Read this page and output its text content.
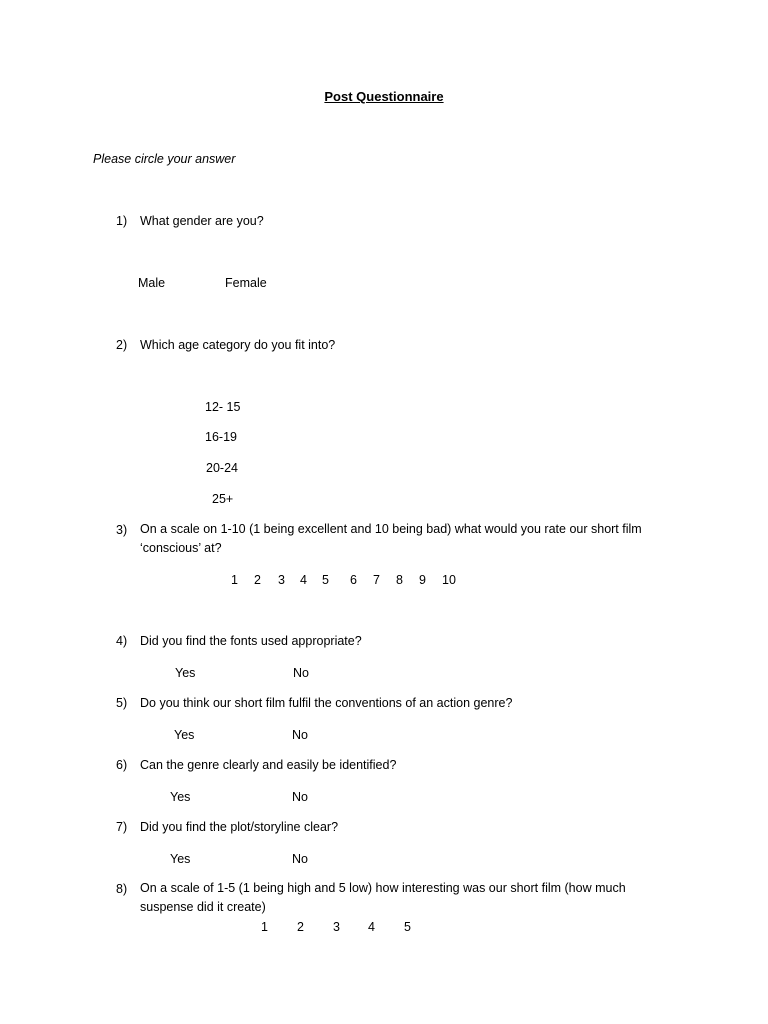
Post Questionnaire
Please circle your answer
1) What gender are you?
Male	Female
2) Which age category do you fit into?
12- 15
16-19
20-24
25+
3) On a scale on 1-10 (1 being excellent and 10 being bad) what would you rate our short film ‘conscious’ at?
1 2 3 4 5 6 7 8 9 10
4) Did you find the fonts used appropriate?
Yes	No
5) Do you think our short film fulfil the conventions of an action genre?
Yes	No
6) Can the genre clearly and easily be identified?
Yes	No
7) Did you find the plot/storyline clear?
Yes	No
8) On a scale of 1-5 (1 being high and 5 low) how interesting was our short film (how much suspense did it create)
1 2 3 4 5
